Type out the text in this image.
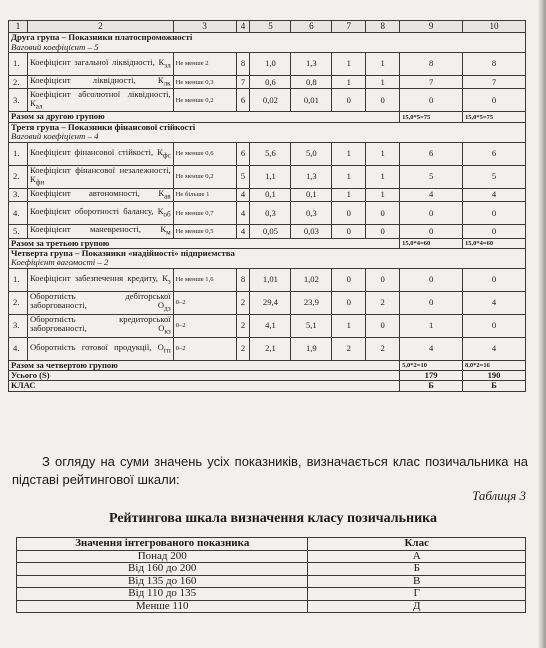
1	2	3	4	5	6	7	8	9	10
Друга група – Показники платоспроможності
Ваговий коефіцієнт – 5									

1.	Коефіцієнт загальної ліквідності, $К_{зл}$	Не менше 2	8	1,0	1,3	1	1	8	8
2.	Коефіцієнт ліквідності, $К_{лк}$	Не менше 0,3	7	0,6	0,8	1	1	7	7
3.	Коефіцієнт абсолютної ліквідності, $К_{ал}$	Не менше 0,2	6	0,02	0,01	0	0	0	0
Разом за другою групою								15,0*5=75	15,0*5=75
Третя група – Показники фінансової стійкості
Ваговий коефіцієнт – 4									

1.	Коефіцієнт фінансової стійкості, $К_{фс}$	Не менше 0,6	6	5,6	5,0	1	1	6	6
2.	Коефіцієнт фінансової незалежності, $К_{фн}$	Не менше 0,2	5	1,1	1,3	1	1	5	5
3.	Коефіцієнт автономності, $К_{ав}$	Не більше 1	4	0,1	0,1	1	1	4	4
4.	Коефіцієнт оборотності балансу, $К_{об}$	Не менше 0,7	4	0,3	0,3	0	0	0	0
5.	Коефіцієнт маневреності, $К_м$	Не менше 0,5	4	0,05	0,03	0	0	0	0
Разом за третьою групою								15,0*4=60	15,0*4=60
Четверта група – Показники «надійності» підприємства
Коефіцієнт вагомості – 2									

1.	Коефіцієнт забезпечення кредиту, $К_з$	Не менше 1,6	8	1,01	1,02	0	0	0	0
2.	Оборотність дебіторської заборгованості, $О_{дз}$	0–2	2	29,4	23,9	0	2	0	4
3.	Оборотність кредиторської заборгованості, $О_{кз}$	0–2	2	4,1	5,1	1	0	1	0
4.	Оборотність готової продукції, $О_{гп}$	0–2	2	2,1	1,9	2	2	4	4
Разом за четвертою групою								5,0*2=10	8,0*2=16
Усього (S)								179	190
КЛАС								Б	Б

З огляду на суми значень усіх показників, визначається клас позичальника на підставі рейтингової шкали:

Таблиця 3
Рейтингова шкала визначення класу позичальника
Значення інтегрованого показника	Клас
Понад 200	А
Від 160 до 200	Б
Від 135 до 160	В
Від 110 до 135	Г
Менше 110	Д
